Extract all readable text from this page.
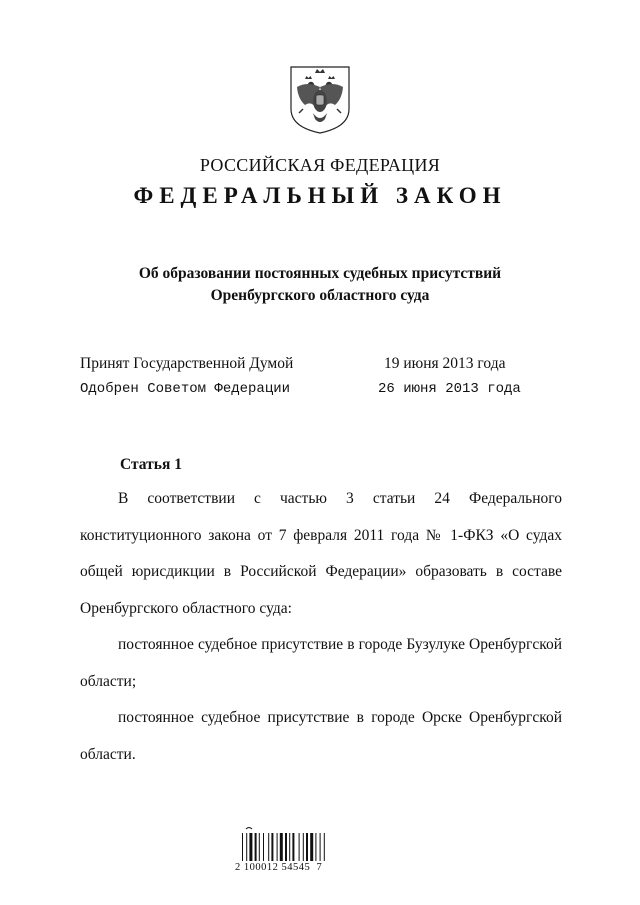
РОССИЙСКАЯ ФЕДЕРАЦИЯ
ФЕДЕРАЛЬНЫЙ ЗАКОН
Об образовании постоянных судебных присутствий
Оренбургского областного суда
Принят Государственной Думой	19 июня 2013 года
Одобрен Советом Федерации	26 июня 2013 года
Статья 1

В соответствии с частью 3 статьи 24 Федерального конституционного закона от 7 февраля 2011 года № 1-ФКЗ «О судах общей юрисдикции в Российской Федерации» образовать в составе Оренбургского областного суда:

постоянное судебное присутствие в городе Бузулуке Оренбургской области;

постоянное судебное присутствие в городе Орске Оренбургской области.

2 100012 54545  7
